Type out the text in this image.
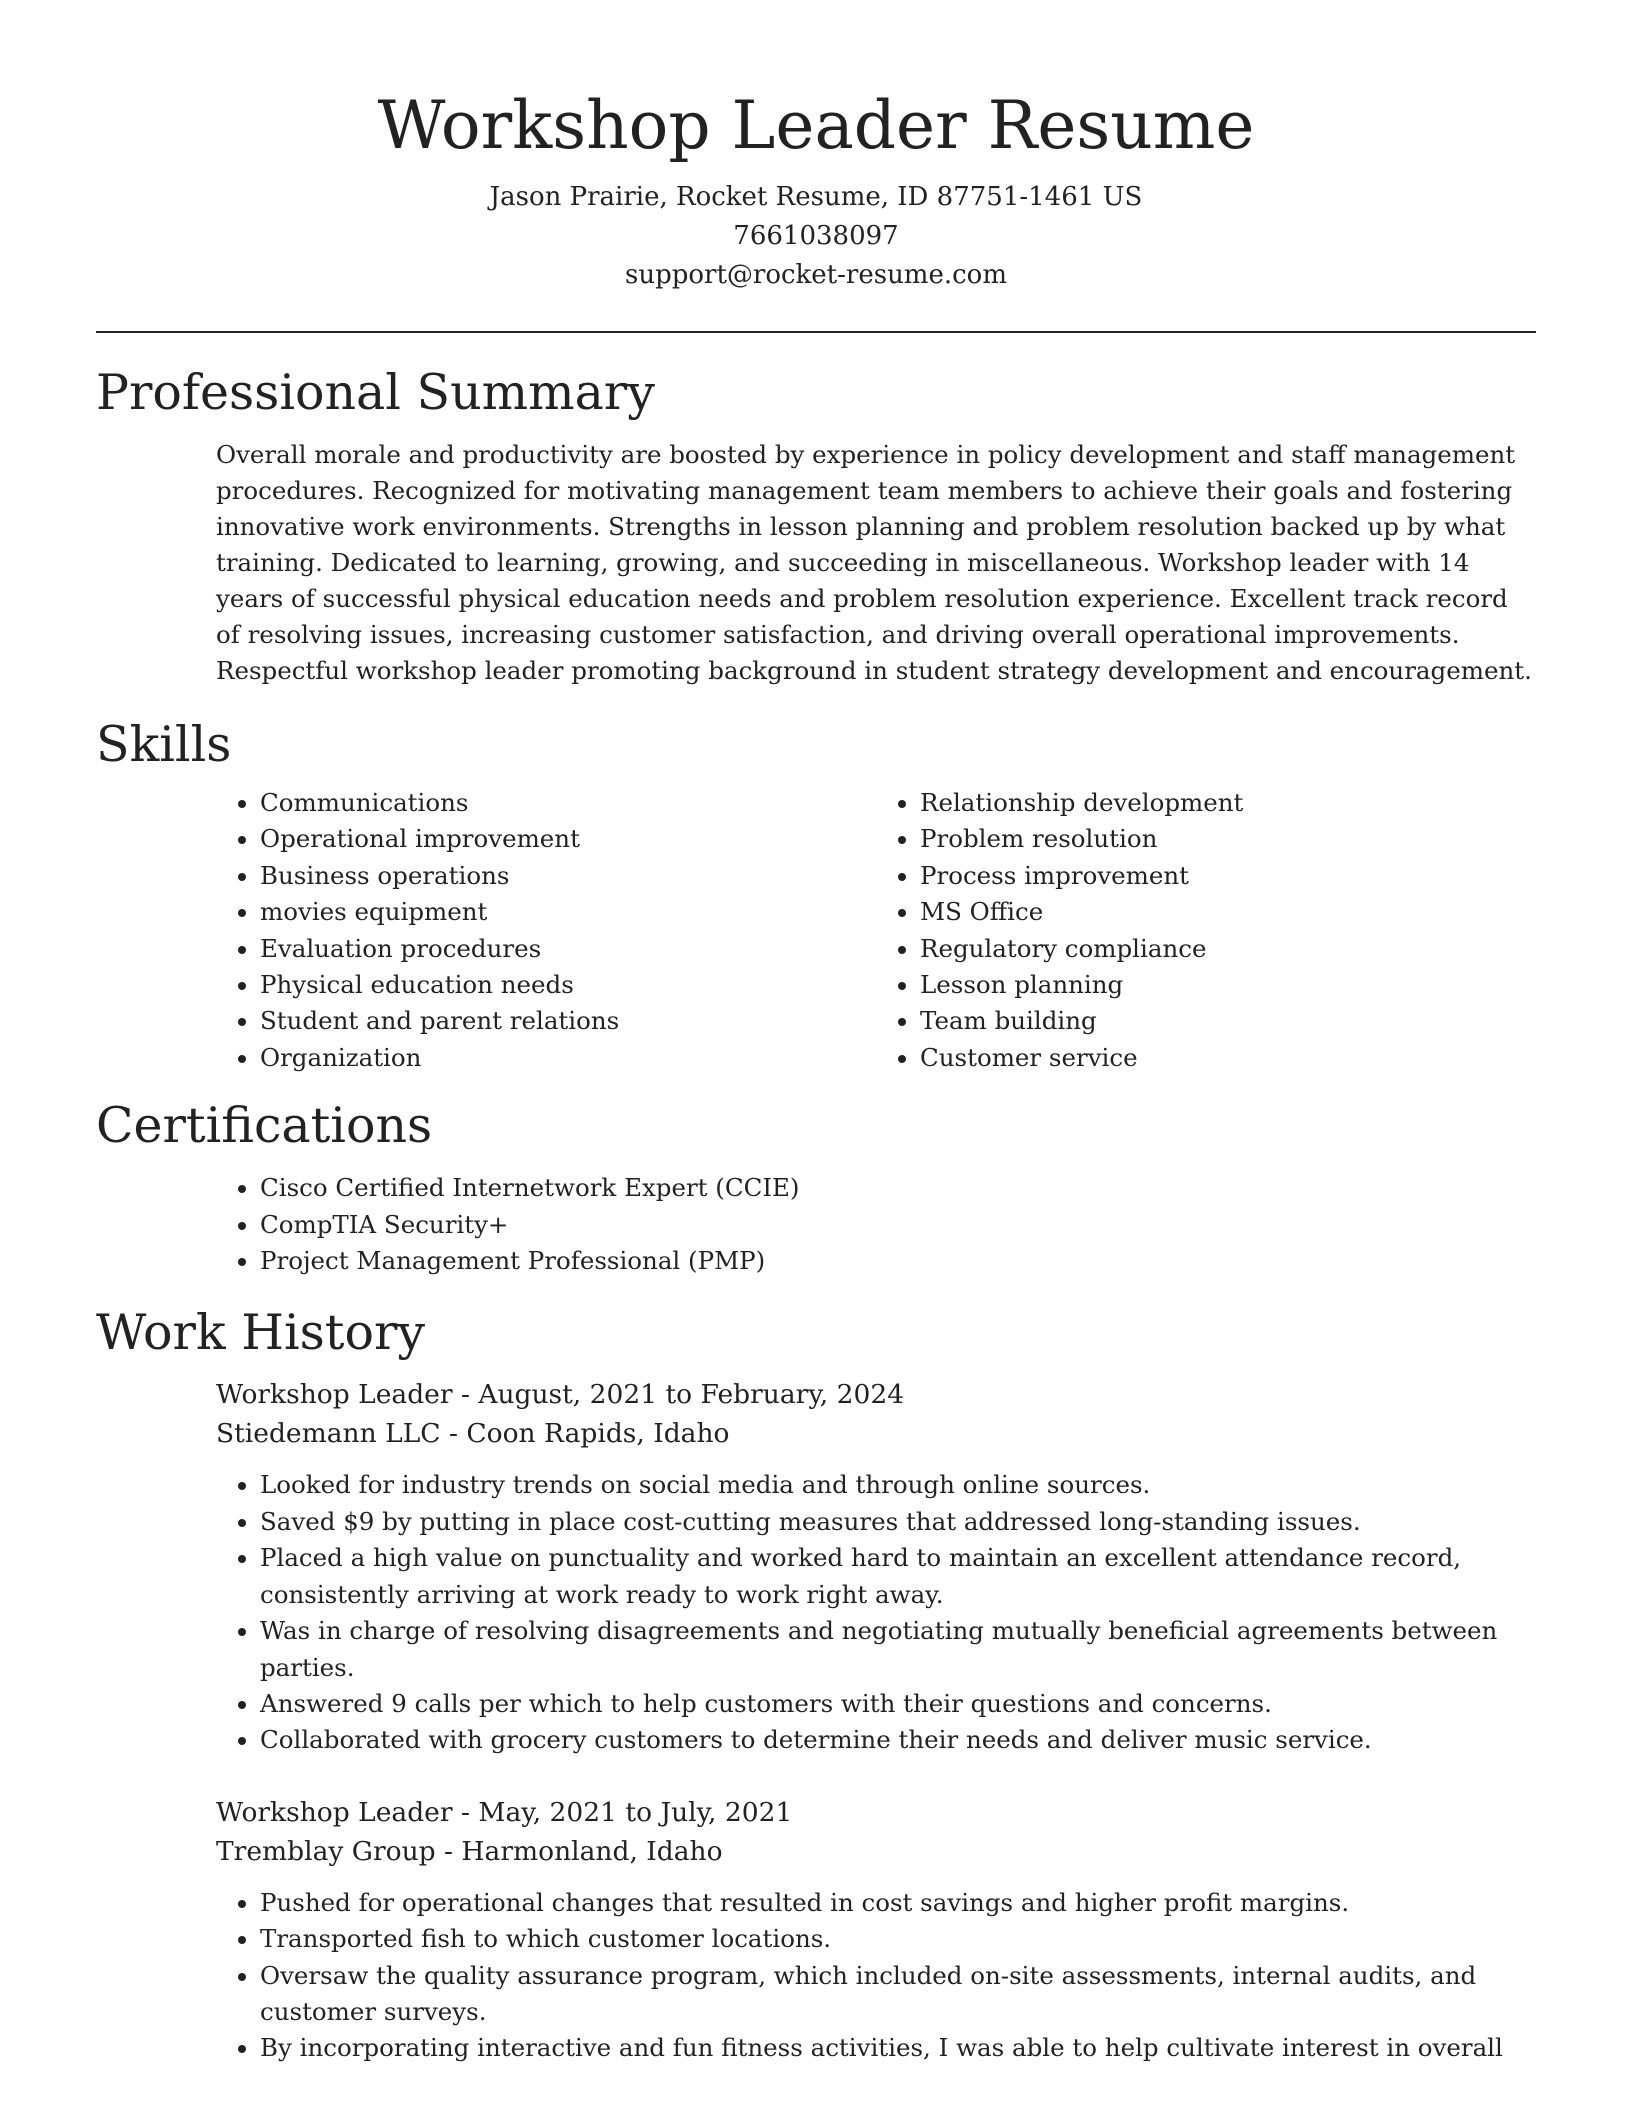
Workshop Leader Resume
Jason Prairie, Rocket Resume, ID 87751-1461 US
7661038097
support@rocket-resume.com
Professional Summary

Overall morale and productivity are boosted by experience in policy development and staff management procedures. Recognized for motivating management team members to achieve their goals and fostering innovative work environments. Strengths in lesson planning and problem resolution backed up by what training. Dedicated to learning, growing, and succeeding in miscellaneous. Workshop leader with 14 years of successful physical education needs and problem resolution experience. Excellent track record of resolving issues, increasing customer satisfaction, and driving overall operational improvements. Respectful workshop leader promoting background in student strategy development and encouragement.

Skills
• Communications
• Operational improvement
• Business operations
• movies equipment
• Evaluation procedures
• Physical education needs
• Student and parent relations
• Organization
• Relationship development
• Problem resolution
• Process improvement
• MS Office
• Regulatory compliance
• Lesson planning
• Team building
• Customer service
Certifications
• Cisco Certified Internetwork Expert (CCIE)
• CompTIA Security+
• Project Management Professional (PMP)
Work History
Workshop Leader - August, 2021 to February, 2024
Stiedemann LLC - Coon Rapids, Idaho
• Looked for industry trends on social media and through online sources.
• Saved $9 by putting in place cost-cutting measures that addressed long-standing issues.
• Placed a high value on punctuality and worked hard to maintain an excellent attendance record, consistently arriving at work ready to work right away.
• Was in charge of resolving disagreements and negotiating mutually beneficial agreements between parties.
• Answered 9 calls per which to help customers with their questions and concerns.
• Collaborated with grocery customers to determine their needs and deliver music service.
Workshop Leader - May, 2021 to July, 2021
Tremblay Group - Harmonland, Idaho
• Pushed for operational changes that resulted in cost savings and higher profit margins.
• Transported fish to which customer locations.
• Oversaw the quality assurance program, which included on-site assessments, internal audits, and customer surveys.
• By incorporating interactive and fun fitness activities, I was able to help cultivate interest in overall
